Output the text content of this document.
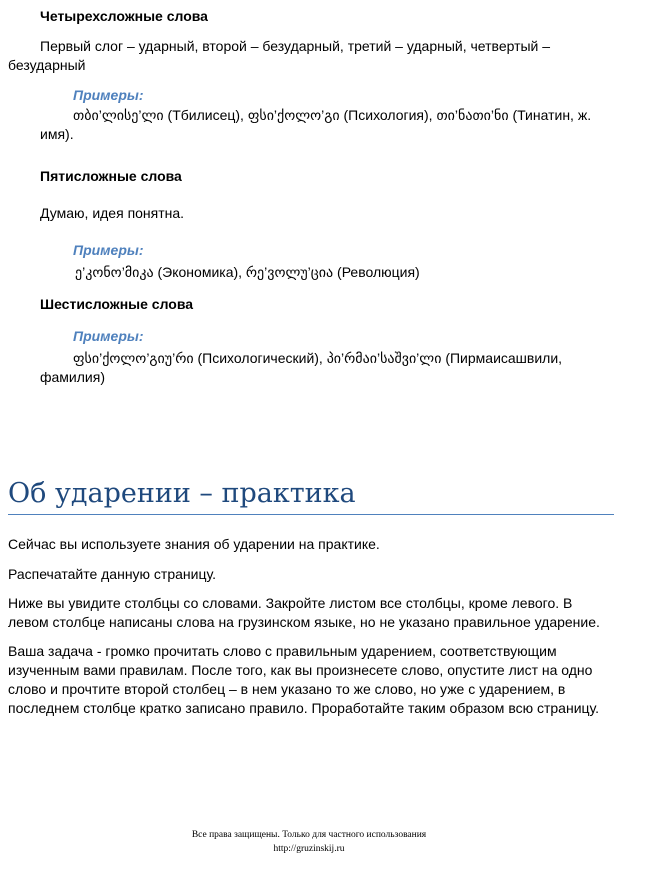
Четырехсложные слова
Первый слог – ударный, второй – безударный, третий – ударный, четвертый – безударный
Примеры:
თბი’ლისე’ლი (Тбилисец), ფსი’ქოლო’გი (Психология), თი’ნათი’ნი (Тинатин, ж. имя).
Пятисложные слова
Думаю, идея понятна.
Примеры:
ე’კონო’მიკა (Экономика), რე’ვოლუ’ცია (Революция)
Шестисложные слова
Примеры:
ფსი’ქოლო’გიუ’რი (Психологический), პი’რმაი’საშვი’ლი (Пирмаисашвили, фамилия)
Об ударении – практика
Сейчас вы используете знания об ударении на практике.
Распечатайте данную страницу.
Ниже вы увидите столбцы со словами. Закройте листом все столбцы, кроме левого. В левом столбце написаны слова на грузинском языке, но не указано правильное ударение.
Ваша задача - громко прочитать слово с правильным ударением, соответствующим изученным вами правилам. После того, как вы произнесете слово, опустите лист на одно слово и прочтите второй столбец – в нем указано то же слово, но уже с ударением, в последнем столбце кратко записано правило. Проработайте таким образом всю страницу.
Все права защищены. Только для частного использования
http://gruzinskij.ru
